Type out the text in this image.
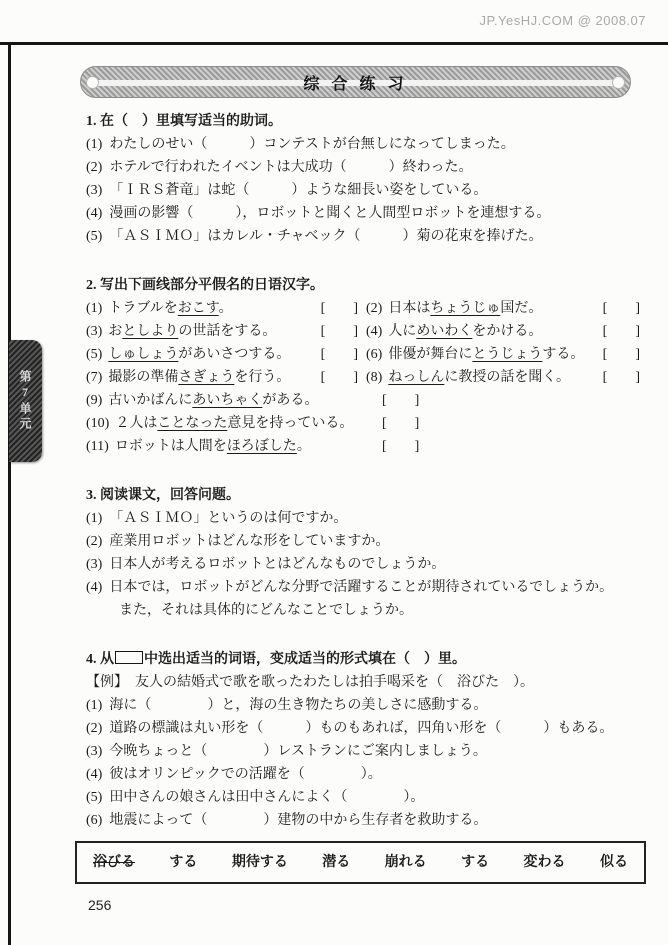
JP.YesHJ.COM @ 2008.07
第7单元
综 合 练 习
1. 在（　）里填写适当的助词。
(1) わたしのせい（　　　）コンテストが台無しになってしまった。
(2) ホテルで行われたイベントは大成功（　　　）終わった。
(3) 「ＩＲＳ蒼竜」は蛇（　　　）ような細長い姿をしている。
(4) 漫画の影響（　　　），ロボットと聞くと人間型ロボットを連想する。
(5) 「ＡＳＩＭＯ」はカレル・チャベック（　　　）菊の花束を捧げた。
2. 写出下画线部分平假名的日语汉字。
(1) トラブルをおこす。	[　　] (2) 日本はちょうじゅ国だ。	[　　]
(3) おとしよりの世話をする。	[　　] (4) 人にめいわくをかける。	[　　]
(5) しゅしょうがあいさつする。	[　　] (6) 俳優が舞台にとうじょうする。	[　　]
(7) 撮影の準備さぎょうを行う。	[　　] (8) ねっしんに教授の話を聞く。	[　　]
(9) 古いかばんにあいちゃくがある。	[　　]
(10) ２人はことなった意見を持っている。 [　　]
(11) ロボットは人間をほろぼした。	[　　]
3. 阅读课文，回答问题。
(1) 「ＡＳＩＭＯ」というのは何ですか。
(2) 産業用ロボットはどんな形をしていますか。
(3) 日本人が考えるロボットとはどんなものでしょうか。
(4) 日本では，ロボットがどんな分野で活躍することが期待されているでしょうか。
また，それは具体的にどんなことでしょうか。
4. 从 中选出适当的词语，变成适当的形式填在（　）里。
【例】 友人の結婚式で歌を歌ったわたしは拍手喝采を（　浴びた　）。
(1) 海に（　　　　）と，海の生き物たちの美しさに感動する。
(2) 道路の標識は丸い形を（　　　）ものもあれば，四角い形を（　　　）もある。
(3) 今晩ちょっと（　　　　）レストランにご案内しましょう。
(4) 彼はオリンピックでの活躍を（　　　　）。
(5) 田中さんの娘さんは田中さんによく（　　　　）。
(6) 地震によって（　　　　）建物の中から生存者を救助する。
浴びる する 期待する 潜る 崩れる する 変わる 似る
256
